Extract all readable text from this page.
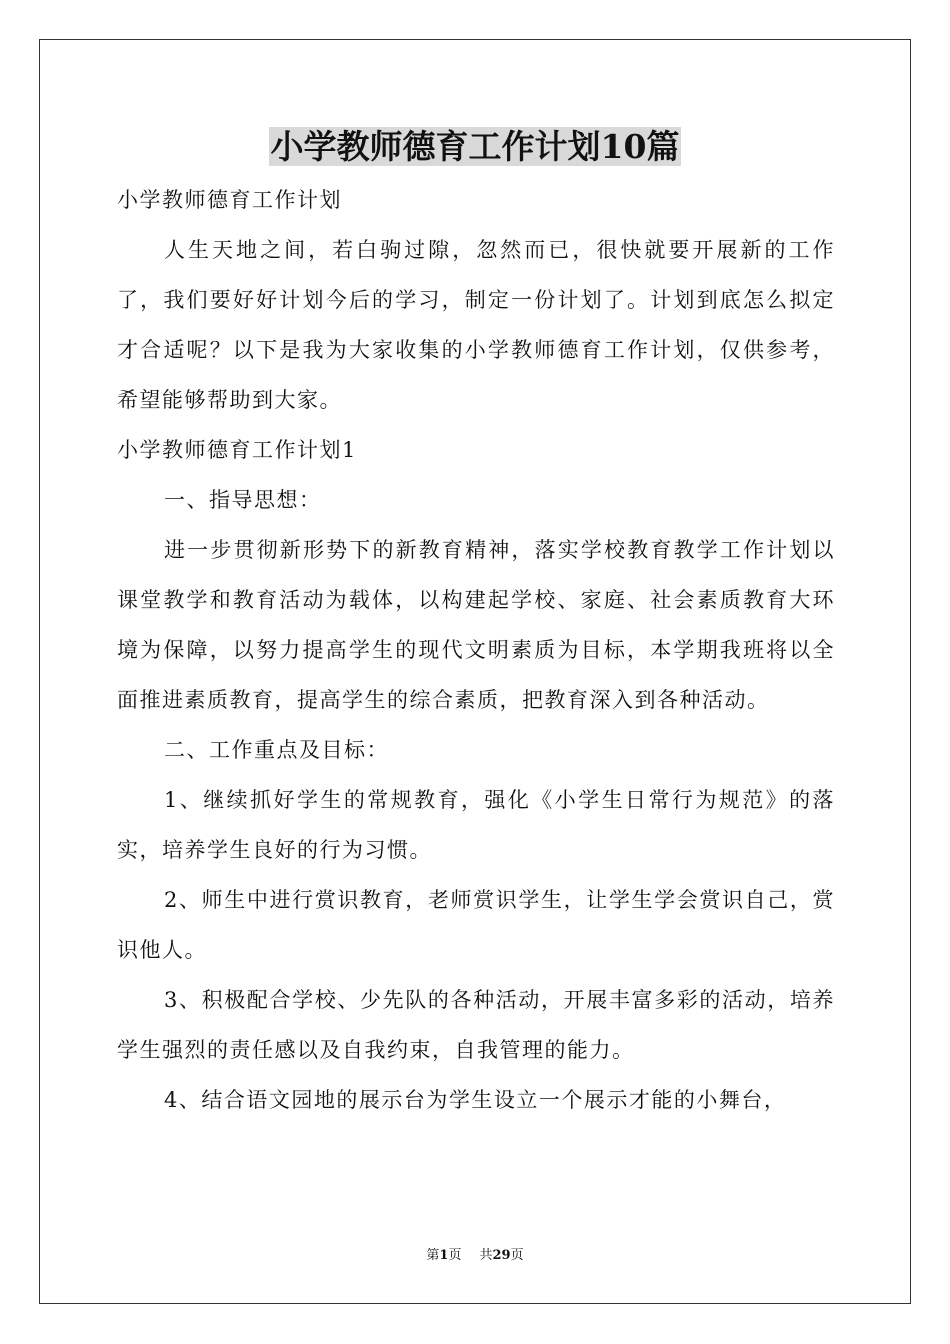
小学教师德育工作计划10篇

小学教师德育工作计划

人生天地之间，若白驹过隙，忽然而已，很快就要开展新的工作了，我们要好好计划今后的学习，制定一份计划了。计划到底怎么拟定才合适呢？以下是我为大家收集的小学教师德育工作计划，仅供参考，希望能够帮助到大家。

小学教师德育工作计划1

一、指导思想：

进一步贯彻新形势下的新教育精神，落实学校教育教学工作计划以课堂教学和教育活动为载体，以构建起学校、家庭、社会素质教育大环境为保障，以努力提高学生的现代文明素质为目标，本学期我班将以全面推进素质教育，提高学生的综合素质，把教育深入到各种活动。

二、工作重点及目标：

1、继续抓好学生的常规教育，强化《小学生日常行为规范》的落实，培养学生良好的行为习惯。

2、师生中进行赏识教育，老师赏识学生，让学生学会赏识自己，赏识他人。

3、积极配合学校、少先队的各种活动，开展丰富多彩的活动，培养学生强烈的责任感以及自我约束，自我管理的能力。

4、结合语文园地的展示台为学生设立一个展示才能的小舞台，

第1页 共29页
